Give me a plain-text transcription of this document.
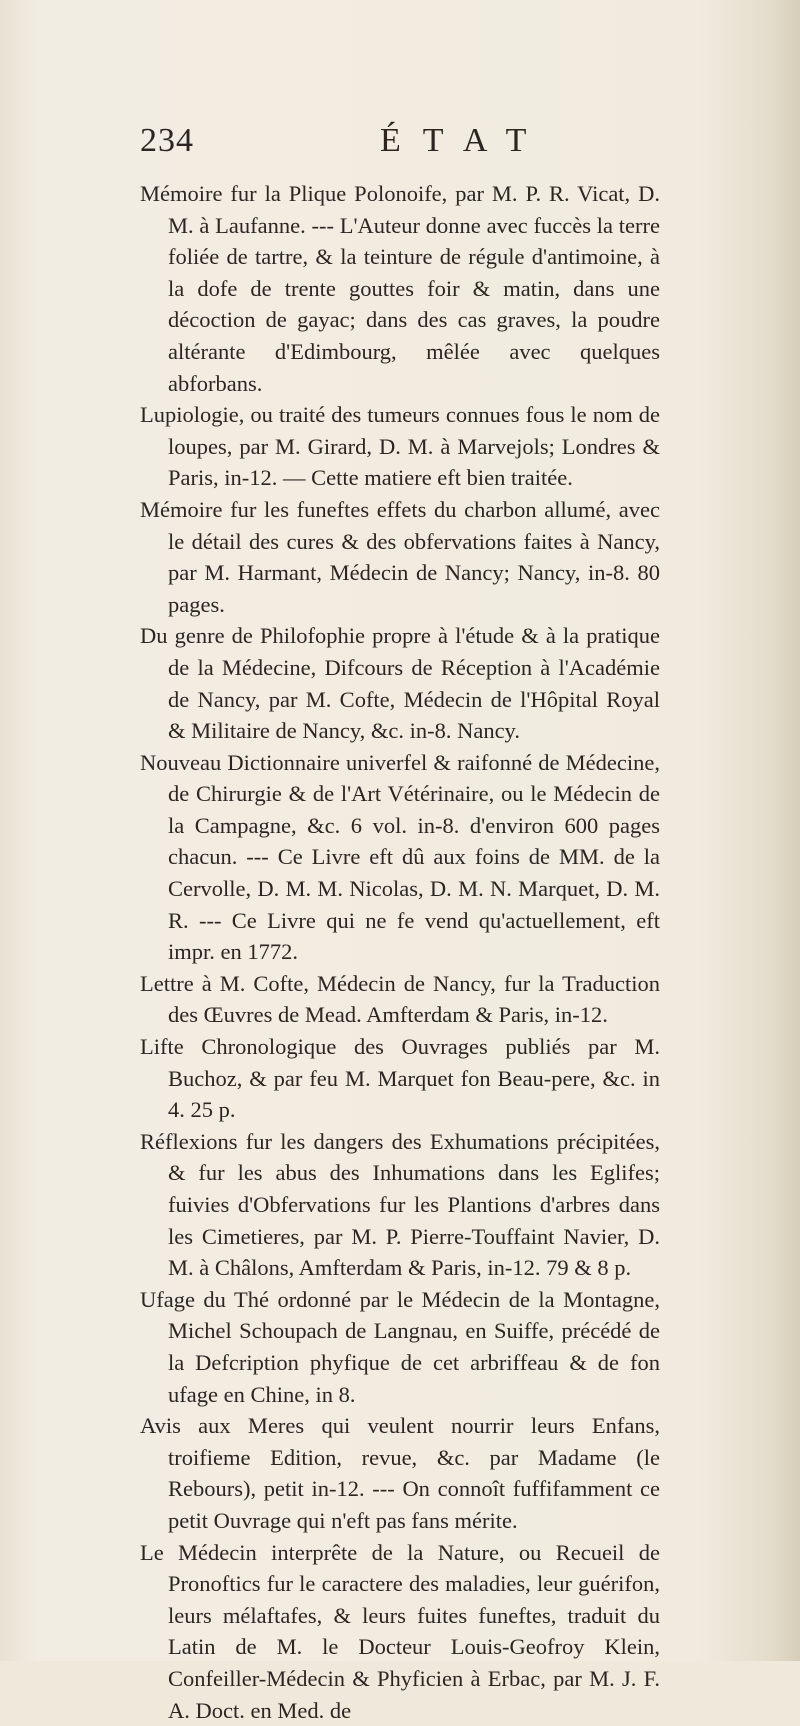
234	ÉTAT

Mémoire fur la Plique Polonoife, par M. P. R. Vicat, D. M. à Laufanne. --- L'Auteur donne avec fuccès la terre foliée de tartre, & la teinture de régule d'antimoine, à la dofe de trente gouttes foir & matin, dans une décoction de gayac; dans des cas graves, la poudre altérante d'Edimbourg, mêlée avec quelques abforbans.

Lupiologie, ou traité des tumeurs connues fous le nom de loupes, par M. Girard, D. M. à Marvejols; Londres & Paris, in-12. — Cette matiere eft bien traitée.

Mémoire fur les funeftes effets du charbon allumé, avec le détail des cures & des obfervations faites à Nancy, par M. Harmant, Médecin de Nancy; Nancy, in-8. 80 pages.

Du genre de Philofophie propre à l'étude & à la pratique de la Médecine, Difcours de Réception à l'Académie de Nancy, par M. Cofte, Médecin de l'Hôpital Royal & Militaire de Nancy, &c. in-8. Nancy.

Nouveau Dictionnaire univerfel & raifonné de Médecine, de Chirurgie & de l'Art Vétérinaire, ou le Médecin de la Campagne, &c. 6 vol. in-8. d'environ 600 pages chacun. --- Ce Livre eft dû aux foins de MM. de la Cervolle, D. M. M. Nicolas, D. M. N. Marquet, D. M. R. --- Ce Livre qui ne fe vend qu'actuellement, eft impr. en 1772.

Lettre à M. Cofte, Médecin de Nancy, fur la Traduction des Œuvres de Mead. Amfterdam & Paris, in-12.

Lifte Chronologique des Ouvrages publiés par M. Buchoz, & par feu M. Marquet fon Beau-pere, &c. in 4. 25 p.

Réflexions fur les dangers des Exhumations précipitées, & fur les abus des Inhumations dans les Eglifes; fuivies d'Obfervations fur les Plantions d'arbres dans les Cimetieres, par M. P. Pierre-Touffaint Navier, D. M. à Châlons, Amfterdam & Paris, in-12. 79 & 8 p.

Ufage du Thé ordonné par le Médecin de la Montagne, Michel Schoupach de Langnau, en Suiffe, précédé de la Defcription phyfique de cet arbriffeau & de fon ufage en Chine, in 8.

Avis aux Meres qui veulent nourrir leurs Enfans, troifieme Edition, revue, &c. par Madame (le Rebours), petit in-12. --- On connoît fuffifamment ce petit Ouvrage qui n'eft pas fans mérite.

Le Médecin interprête de la Nature, ou Recueil de Pronoftics fur le caractere des maladies, leur guérifon, leurs mélaftafes, & leurs fuites funeftes, traduit du Latin de M. le Docteur Louis-Geofroy Klein, Confeiller-Médecin & Phyficien à Erbac, par M. J. F. A. Doct. en Med. de
